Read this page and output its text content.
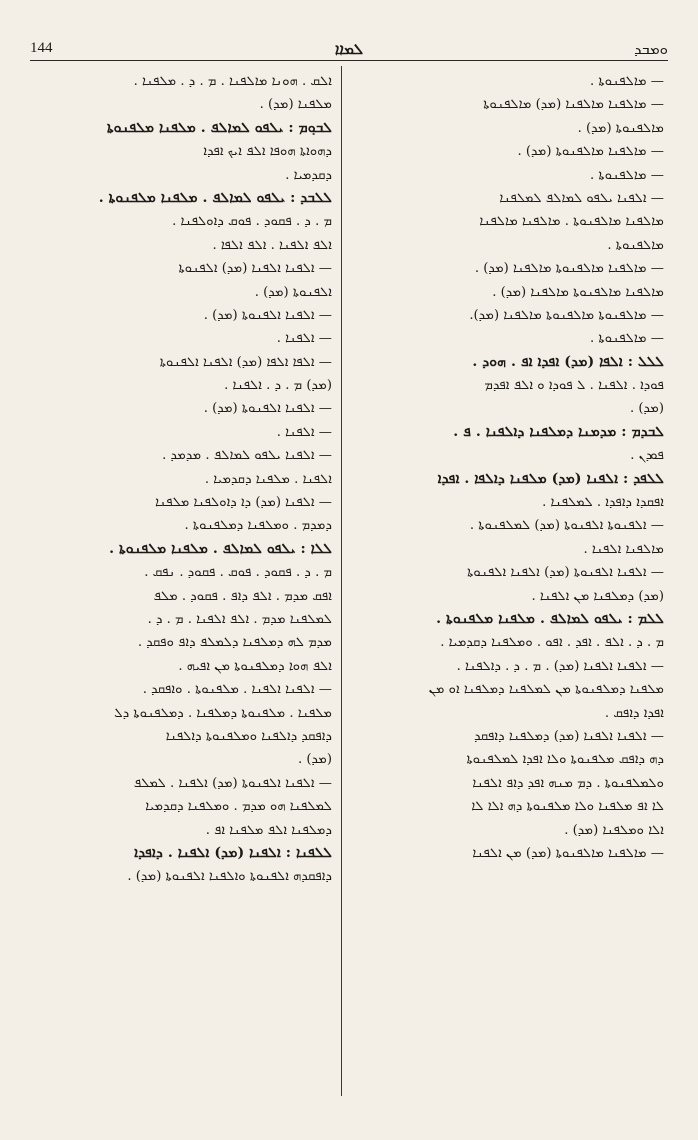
144	ܠܡܐܐ	ܘܡܒܕ
ܐܠܩ . ܗܘܢܐ ܡܐܠܦܢܐ . ܡ . ܕ . ܡܠܦܢܐ .
ܡܠܦܢܐ (ܡܕ) .
ܠܒܘ݂ܡ : ܝܠܦܘ ܠܡܐܠܦ . ܡܠܦܢܐ ܡܠܦܢܘܬܐ
ܕܗܘܐܬܐ ܗܘܦܐ ܐܠܦ ܐܝܟ ܐܦܕܐ
ܕܩܕܡܝܐ .
ܠܠܒܕ : ܝܠܦܘ ܠܡܐܠܦ . ܡܠܦܢܐ ܡܠܦܢܘܬܐ .
ܡ . ܕ . ܦܩܘܕ . ܦܘܩ ܕܐܘܠܦܢܐ .
ܐܠܦ ܐܠܦܢܐ . ܐܠܦ ܐܠܦܐ .
— ܐܠܦܢܐ ܐܠܦܢܐ (ܡܕ) ܐܠܦܢܘܬܐ
ܐܠܦܢܘܬܐ (ܡܕ) .
— ܐܠܦܢܐ ܐܠܦܢܘܬܐ (ܡܕ) .
— ܐܠܦܢܐ .
— ܐܠܦܐ ܐܠܦܐ (ܡܕ) ܐܠܦܢܐ ܐܠܦܢܘܬܐ
(ܡܕ) ܡ . ܕ . ܐܠܦܢܐ .
— ܐܠܦܢܐ ܐܠܦܢܘܬܐ (ܡܕ) .
— ܐܠܦܢܐ .
— ܐܠܦܢܐ ܝܠܦܘ ܠܡܐܠܦ . ܡܕܡܕ .
ܐܠܦܢܐ . ܡܠܦܢܐ ܕܩܕܡܝܐ .
— ܐܠܦܢܐ (ܡܕ) ܕܐ ܕܐܘܠܦܢܐ ܡܠܦܢܐ
ܕܡܕܡ . ܘܡܠܦܢܐ ܕܡܠܦܢܘܬܐ .
ܠܠܐ : ܝܠܦܘ ܠܡܐܠܦ . ܡܠܦܢܐ ܡܠܦܢܘܬܐ .
ܡ . ܕ . ܦܩܘܕ . ܦܘܩ . ܦܩܘܕ . ܢܦܩ .
ܐܦܩ ܡܕܡ . ܐܠܦ ܕܐܦ . ܦܩܘܕ . ܡܠܦ
ܠܡܠܦܢܐ ܡܕܡ . ܐܠܦ ܐܠܦܢܐ . ܡ . ܕ .
ܡܕܡ ܠܗ ܕܡܠܦܢܐ ܕܠܡܠܦ ܕܐܦ ܘܦܩܕ .
ܐܠܦ ܗܘܐ ܕܡܠܦܢܘܬܐ ܡܢ ܐܦܝܗ .
— ܐܠܦܢܐ ܐܠܦܢܐ . ܡܠܦܢܘܬܐ . ܘܐܦܩܕ .
ܡܠܦܢܐ . ܡܠܦܢܘܬܐ ܕܡܠܦܢܐ . ܕܡܠܦܢܘܬܐ ܕܠ
ܕܐܦܩܕ ܕܐܠܦܢܐ ܘܡܠܦܢܘܬܐ ܕܐܠܦܢܐ
(ܡܕ) .
— ܐܠܦܢܐ ܐܠܦܢܘܬܐ (ܡܕ) ܐܠܦܢܐ . ܠܡܠܦ
ܠܡܠܦܢܐ ܗܘ ܡܕܡ . ܘܡܠܦܢܐ ܕܩܕܡܝܐ
ܕܡܠܦܢܐ ܐܠܦ ܡܠܦܢܐ ܐܦ .
ܠܠܦܢܐ : ܐܠܦܢܐ (ܡܕ) ܐܠܦܢܐ . ܕܐܦܕܐ
ܕܐܦܩܕܗ ܐܠܦܢܘܬܐ ܘܐܠܦܢܐ ܐܠܦܢܘܬܐ (ܡܕ) .
— ܡܐܠܦܢܘܬܐ .
— ܡܐܠܦܢܐ ܡܐܠܦܢܐ (ܡܕ) ܡܐܠܦܢܘܬܐ
ܡܐܠܦܢܘܬܐ (ܡܕ) .
— ܡܐܠܦܢܐ ܡܐܠܦܢܘܬܐ (ܡܕ) .
— ܡܐܠܦܢܘܬܐ .
— ܐܠܦܢܐ ܝܠܦܘ ܠܡܐܠܦ ܠܡܠܦܢܐ
ܡܐܠܦܢܐ ܡܐܠܦܢܘܬܐ . ܡܐܠܦܢܐ ܡܐܠܦܢܐ
ܡܐܠܦܢܘܬܐ .
— ܡܐܠܦܢܐ ܡܐܠܦܢܘܬܐ ܡܐܠܦܢܐ (ܡܕ) .
ܡܐܠܦܢܐ ܡܐܠܦܢܘܬܐ ܡܐܠܦܢܐ (ܡܕ) .
— ܡܐܠܦܢܘܬܐ ܡܐܠܦܢܘܬܐ ܡܐܠܦܢܐ (ܡܕ).
— ܡܐܠܦܢܘܬܐ .
ܠܠܠ : ܐܠܦܐ (ܡܕ) ܐܦܕܐ ܐܦ . ܗܘܕ .
ܦܘܕܐ . ܐܠܦܢܐ . ܠ ܦܘܕܐ ܘ ܐܠܦ ܐܦܕܡ
(ܡܕ) .
ܠܒܕܡ : ܡܕܡܢܐ ܕܡܠܦܢܐ ܕܐܠܦܢܐ . ܦ .
ܦܘܕܢ .
ܠܠܦܕ : ܐܠܦܢܐ (ܡܕ) ܡܠܦܢܐ ܕܐܠܦܐ . ܐܦܕܐ
ܐܦܩܕܐ ܕܐܦܕܐ . ܠܡܠܦܢܐ .
— ܐܠܦܢܘܬܐ ܐܠܦܢܘܬܐ (ܡܕ) ܠܡܠܦܢܘܬܐ .
ܡܐܠܦܢܐ ܐܠܦܢܐ .
— ܐܠܦܢܐ ܐܠܦܢܘܬܐ (ܡܕ) ܐܠܦܢܐ ܐܠܦܢܘܬܐ
(ܡܕ) ܕܡܠܦܢܐ ܡܢ ܐܠܦܢܐ .
ܠܠܡ : ܝܠܦܘ ܠܡܐܠܦ . ܡܠܦܢܐ ܡܠܦܢܘܬܐ .
ܡ . ܕ . ܐܠܦ . ܐܦܕ . ܐܦܘ . ܘܡܠܦܢܐ ܕܩܕܡܝܐ .
— ܐܠܦܢܐ ܐܠܦܢܐ (ܡܕ) . ܡ . ܕ . ܕܐܠܦܢܐ .
ܡܠܦܢܐ ܕܡܠܦܢܘܬܐ ܡܢ ܠܡܠܦܢܐ ܕܡܠܦܢܐ ܐܘ ܡܢ
ܐܦܕܐ ܕܐܦܩ .
— ܐܠܦܢܐ ܐܠܦܢܐ (ܡܕ) ܕܡܠܦܢܐ ܕܐܦܩܕ
ܕܗ ܕܐܦܩ ܡܠܦܢܘܬܐ ܘܠܐ ܐܦܕܐ ܠܡܠܦܢܘܬܐ
ܘܠܡܠܦܢܘܬܐ . ܕܡ ܡܢܗ ܐܦܕ ܕܐܦ ܐܠܦܢܐ
ܠܐ ܐܦ ܡܠܦܢܐ ܘܠܐ ܡܠܦܢܘܬܐ ܕܗ ܐܠܐ ܠܐ
ܐܠܐ ܘܡܠܦܢܐ (ܡܕ) .
— ܡܐܠܦܢܐ ܡܐܠܦܢܘܬܐ (ܡܕ) ܡܢ ܐܠܦܢܐ
